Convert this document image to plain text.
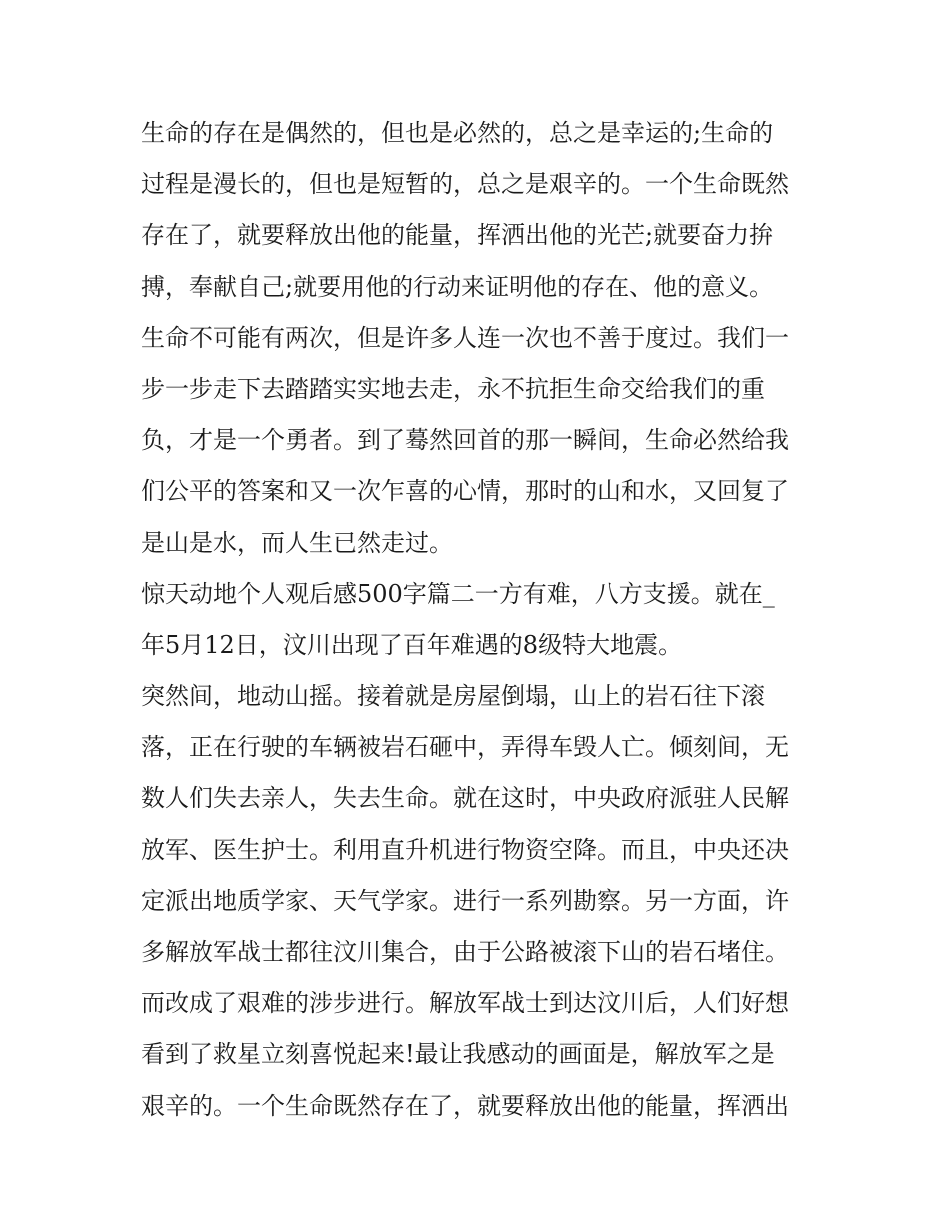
生命的存在是偶然的，但也是必然的，总之是幸运的;生命的
过程是漫长的，但也是短暂的，总之是艰辛的。一个生命既然
存在了，就要释放出他的能量，挥洒出他的光芒;就要奋力拚
搏，奉献自己;就要用他的行动来证明他的存在、他的意义。
生命不可能有两次，但是许多人连一次也不善于度过。我们一
步一步走下去踏踏实实地去走，永不抗拒生命交给我们的重
负，才是一个勇者。到了蓦然回首的那一瞬间，生命必然给我
们公平的答案和又一次乍喜的心情，那时的山和水，又回复了
是山是水，而人生已然走过。
惊天动地个人观后感500字篇二一方有难，八方支援。就在_
年5月12日，汶川出现了百年难遇的8级特大地震。
突然间，地动山摇。接着就是房屋倒塌，山上的岩石往下滚
落，正在行驶的车辆被岩石砸中，弄得车毁人亡。倾刻间，无
数人们失去亲人，失去生命。就在这时，中央政府派驻人民解
放军、医生护士。利用直升机进行物资空降。而且，中央还决
定派出地质学家、天气学家。进行一系列勘察。另一方面，许
多解放军战士都往汶川集合，由于公路被滚下山的岩石堵住。
而改成了艰难的涉步进行。解放军战士到达汶川后，人们好想
看到了救星立刻喜悦起来!最让我感动的画面是，解放军之是
艰辛的。一个生命既然存在了，就要释放出他的能量，挥洒出
